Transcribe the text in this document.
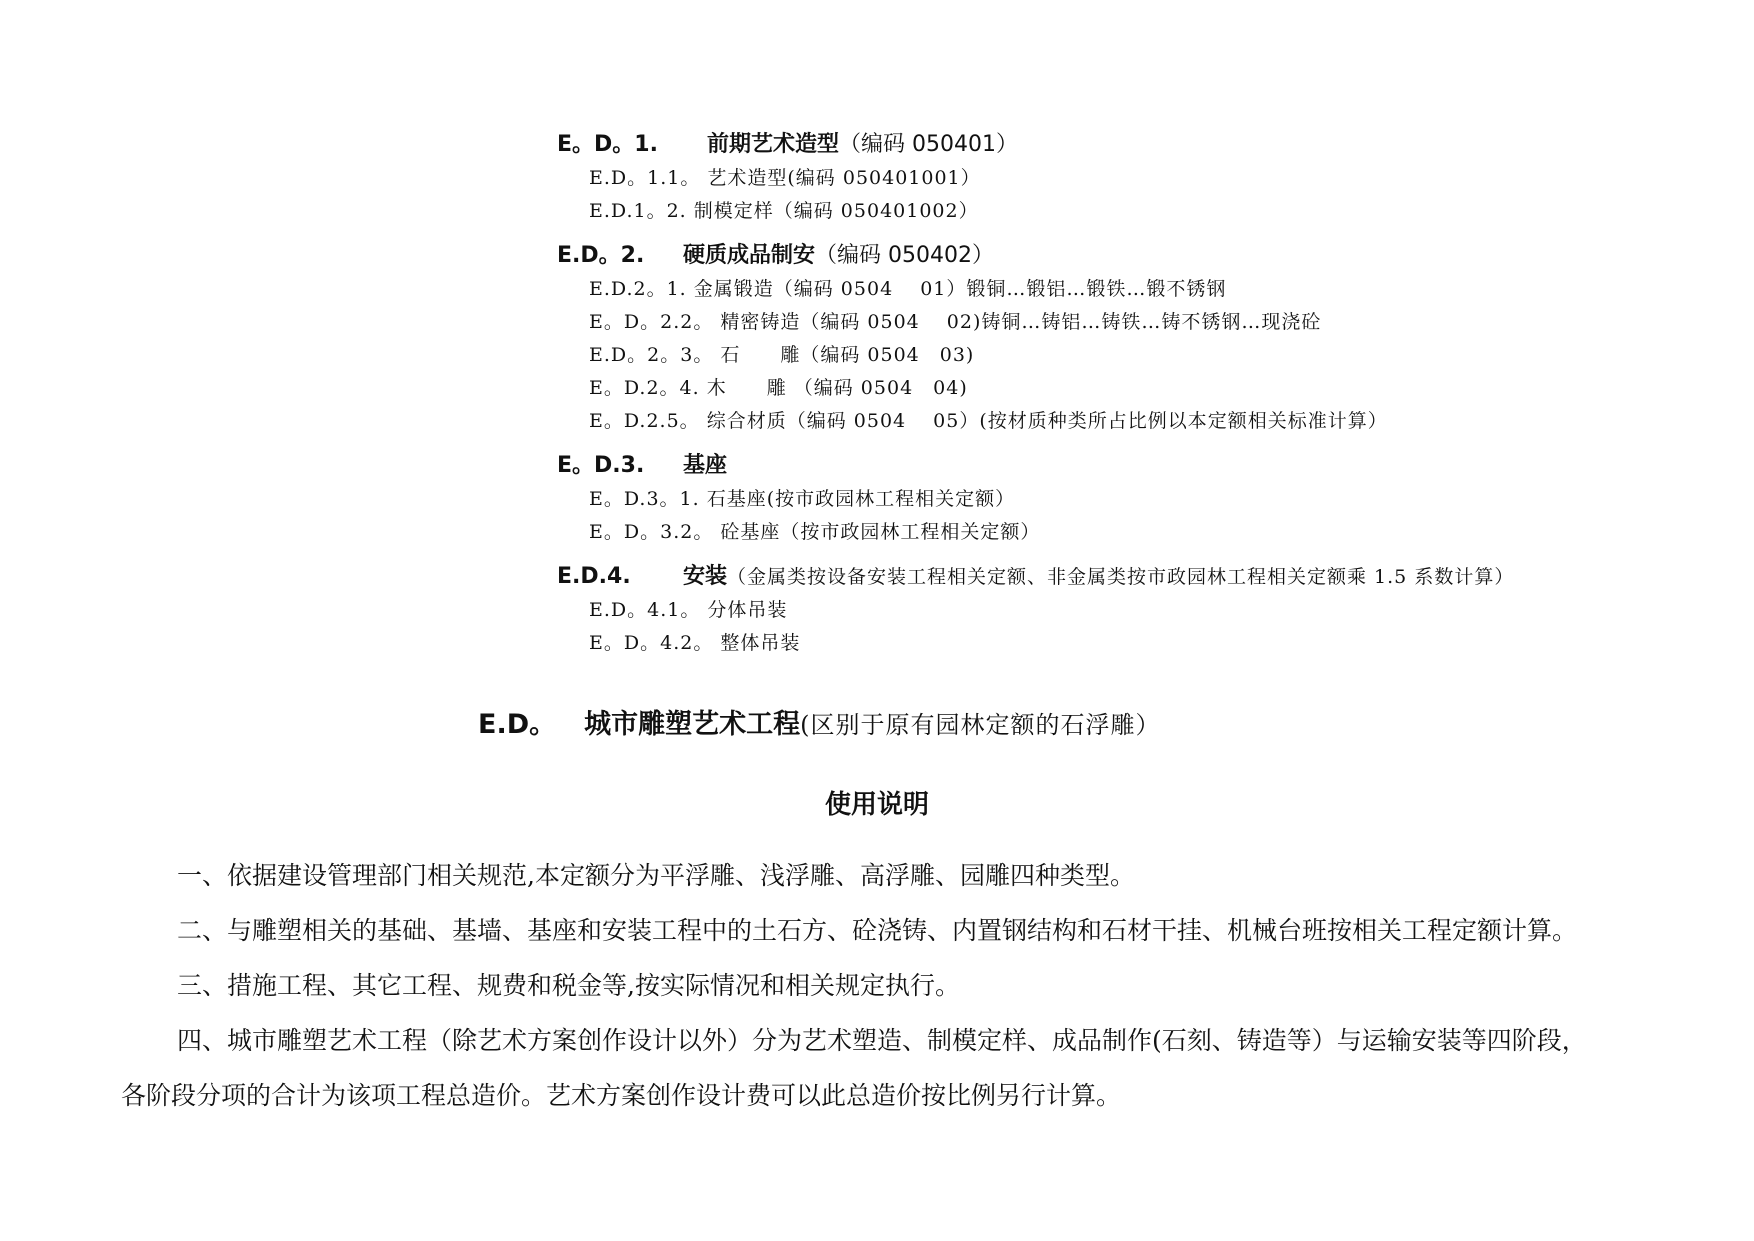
E。D。1. 前期艺术造型（编码 050401）
E.D。1.1。 艺术造型(编码 050401001）
E.D.1。2. 制模定样（编码 050401002）
E.D。2. 硬质成品制安（编码 050402）
E.D.2。1. 金属锻造（编码 0504　 01）锻铜…锻铝…锻铁…锻不锈钢
E。D。2.2。 精密铸造（编码 0504　 02)铸铜…铸铝…铸铁…铸不锈钢…现浇砼
E.D。2。3。 石　　雕（编码 0504　03)
E。D.2。4. 木　　雕 （编码 0504　04)
E。D.2.5。 综合材质（编码 0504　 05）(按材质种类所占比例以本定额相关标准计算）
E。D.3. 基座
E。D.3。1. 石基座(按市政园林工程相关定额）
E。D。3.2。 砼基座（按市政园林工程相关定额）
E.D.4. 安装（金属类按设备安装工程相关定额、非金属类按市政园林工程相关定额乘 1.5 系数计算）
E.D。4.1。 分体吊装
E。D。4.2。 整体吊装
E.D。 城市雕塑艺术工程(区别于原有园林定额的石浮雕）
使用说明

一、依据建设管理部门相关规范,本定额分为平浮雕、浅浮雕、高浮雕、园雕四种类型。

二、与雕塑相关的基础、基墙、基座和安装工程中的土石方、砼浇铸、内置钢结构和石材干挂、机械台班按相关工程定额计算。

三、措施工程、其它工程、规费和税金等,按实际情况和相关规定执行。

四、城市雕塑艺术工程（除艺术方案创作设计以外）分为艺术塑造、制模定样、成品制作(石刻、铸造等）与运输安装等四阶段，各阶段分项的合计为该项工程总造价。艺术方案创作设计费可以此总造价按比例另行计算。
